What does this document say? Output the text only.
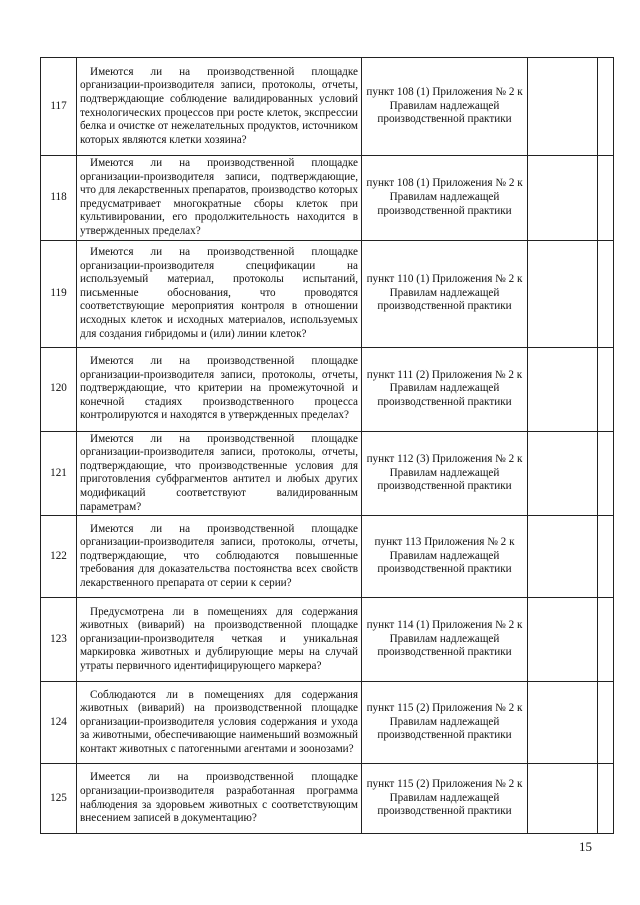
117	Имеются ли на производственной площадке организации-производителя записи, протоколы, отчеты, подтверждающие соблюдение валидированных условий технологических процессов при росте клеток, экспрессии белка и очистке от нежелательных продуктов, источником которых являются клетки хозяина?	пункт 108 (1) Приложения № 2 к Правилам надлежащей производственной практики		
118	Имеются ли на производственной площадке организации-производителя записи, подтверждающие, что для лекарственных препаратов, производство которых предусматривает многократные сборы клеток при культивировании, его продолжительность находится в утвержденных пределах?	пункт 108 (1) Приложения № 2 к Правилам надлежащей производственной практики		
119	Имеются ли на производственной площадке организации-производителя спецификации на используемый материал, протоколы испытаний, письменные обоснования, что проводятся соответствующие мероприятия контроля в отношении исходных клеток и исходных материалов, используемых для создания гибридомы и (или) линии клеток?	пункт 110 (1) Приложения № 2 к Правилам надлежащей производственной практики		
120	Имеются ли на производственной площадке организации-производителя записи, протоколы, отчеты, подтверждающие, что критерии на промежуточной и конечной стадиях производственного процесса контролируются и находятся в утвержденных пределах?	пункт 111 (2) Приложения № 2 к Правилам надлежащей производственной практики		
121	Имеются ли на производственной площадке организации-производителя записи, протоколы, отчеты, подтверждающие, что производственные условия для приготовления субфрагментов антител и любых других модификаций соответствуют валидированным параметрам?	пункт 112 (3) Приложения № 2 к Правилам надлежащей производственной практики		
122	Имеются ли на производственной площадке организации-производителя записи, протоколы, отчеты, подтверждающие, что соблюдаются повышенные требования для доказательства постоянства всех свойств лекарственного препарата от серии к серии?	пункт 113 Приложения № 2 к Правилам надлежащей производственной практики		
123	Предусмотрена ли в помещениях для содержания животных (виварий) на производственной площадке организации-производителя четкая и уникальная маркировка животных и дублирующие меры на случай утраты первичного идентифицирующего маркера?	пункт 114 (1) Приложения № 2 к Правилам надлежащей производственной практики		
124	Соблюдаются ли в помещениях для содержания животных (виварий) на производственной площадке организации-производителя условия содержания и ухода за животными, обеспечивающие наименьший возможный контакт животных с патогенными агентами и зоонозами?	пункт 115 (2) Приложения № 2 к Правилам надлежащей производственной практики		
125	Имеется ли на производственной площадке организации-производителя разработанная программа наблюдения за здоровьем животных с соответствующим внесением записей в документацию?	пункт 115 (2) Приложения № 2 к Правилам надлежащей производственной практики		
15
